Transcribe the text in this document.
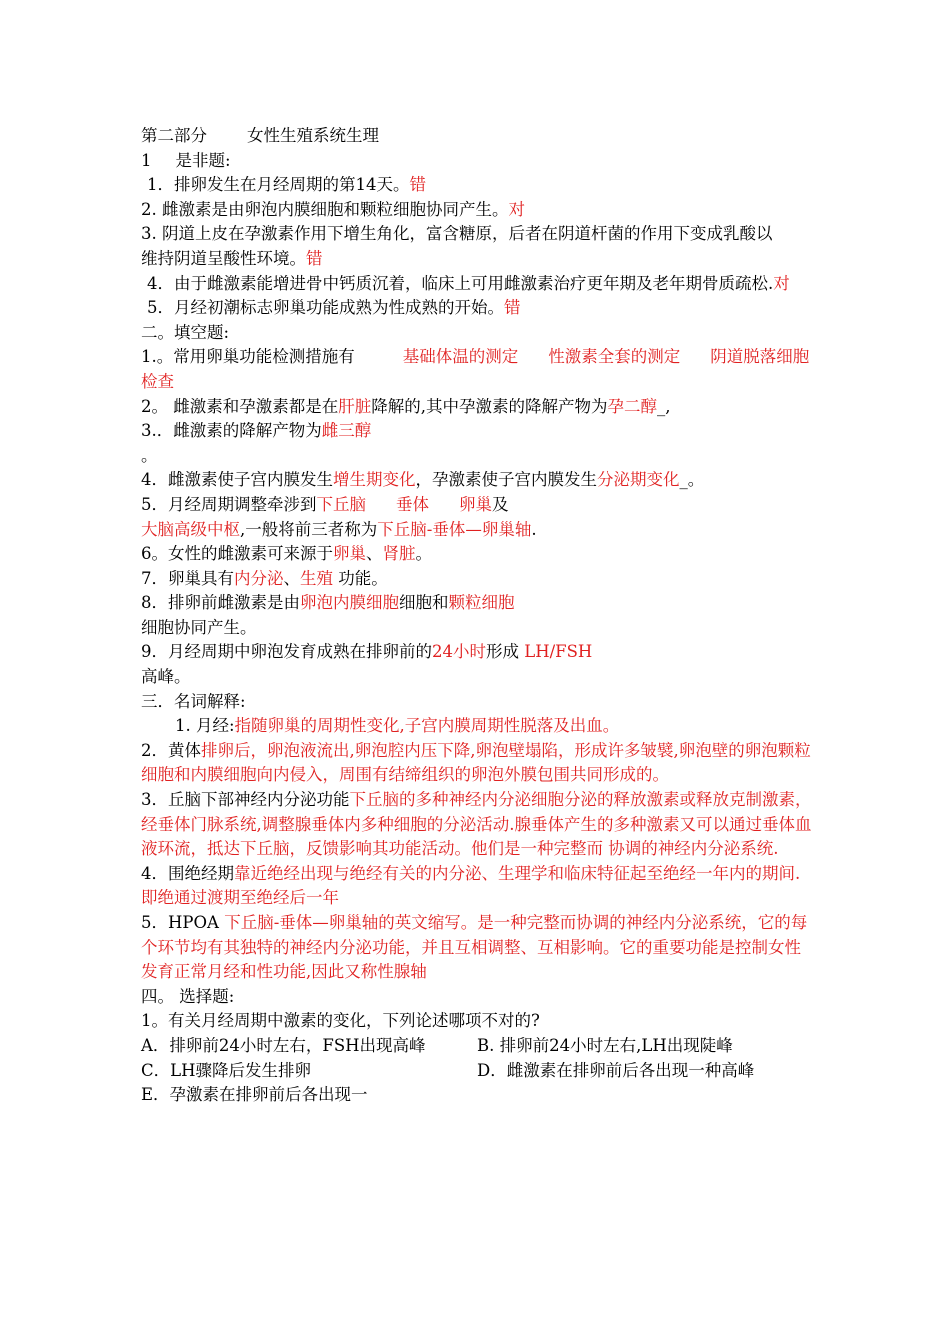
第二部分 女性生殖系统生理
1 是非题:
1．排卵发生在月经周期的第14天。错
2. 雌激素是由卵泡内膜细胞和颗粒细胞协同产生。对
3. 阴道上皮在孕激素作用下增生角化，富含糖原，后者在阴道杆菌的作用下变成乳酸以
维持阴道呈酸性环境。错
4．由于雌激素能增进骨中钙质沉着，临床上可用雌激素治疗更年期及老年期骨质疏松.对
5．月经初潮标志卵巢功能成熟为性成熟的开始。错
二。填空题:
1.。常用卵巢功能检测措施有	基础体温的测定 性激素全套的测定 阴道脱落细胞检查
2。 雌激素和孕激素都是在肝脏降解的,其中孕激素的降解产物为孕二醇_,
3.．雌激素的降解产物为雌三醇
。
4．雌激素使子宫内膜发生增生期变化，孕激素使子宫内膜发生分泌期变化_。
5．月经周期调整牵涉到下丘脑 垂体 卵巢及
大脑高级中枢,一般将前三者称为下丘脑-垂体—卵巢轴.
6。女性的雌激素可来源于卵巢、肾脏。
7．卵巢具有内分泌、生殖 功能。
8．排卵前雌激素是由卵泡内膜细胞细胞和颗粒细胞
细胞协同产生。
9．月经周期中卵泡发育成熟在排卵前的24小时形成 LH/FSH
高峰。
三．名词解释:
1. 月经:指随卵巢的周期性变化,子宫内膜周期性脱落及出血。
2．黄体排卵后，卵泡液流出,卵泡腔内压下降,卵泡壁塌陷，形成许多皱襞,卵泡壁的卵泡颗粒细胞和内膜细胞向内侵入，周围有结缔组织的卵泡外膜包围共同形成的。
3．丘脑下部神经内分泌功能下丘脑的多种神经内分泌细胞分泌的释放激素或释放克制激素，经垂体门脉系统,调整腺垂体内多种细胞的分泌活动.腺垂体产生的多种激素又可以通过垂体血液环流，抵达下丘脑，反馈影响其功能活动。他们是一种完整而 协调的神经内分泌系统.
4．围绝经期靠近绝经出现与绝经有关的内分泌、生理学和临床特征起至绝经一年内的期间.即绝通过渡期至绝经后一年
5．HPOA 下丘脑-垂体—卵巢轴的英文缩写。是一种完整而协调的神经内分泌系统，它的每个环节均有其独特的神经内分泌功能，并且互相调整、互相影响。它的重要功能是控制女性发育正常月经和性功能,因此又称性腺轴
四。 选择题:
1。有关月经周期中激素的变化，下列论述哪项不对的?
A．排卵前24小时左右，FSH出现高峰	B. 排卵前24小时左右,LH出现陡峰
C．LH骤降后发生排卵	D．雌激素在排卵前后各出现一种高峰
E．孕激素在排卵前后各出现一
